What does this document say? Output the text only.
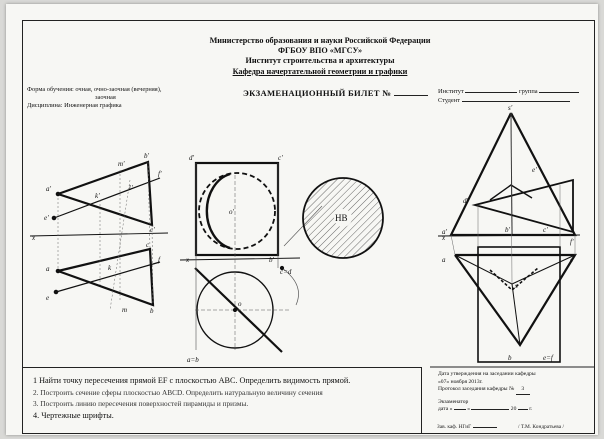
Министерство образования и науки Российской Федерации
ФГБОУ ВПО «МГСУ»
Институт строительства и архитектуры
Кафедра начертательной геометрии и графики
Форма обучения: очная, очно-заочная (вечерняя),
заочная
Дисциплина: Инженерная графика
ЭКЗАМЕНАЦИОННЫЙ БИЛЕТ №	Институт	группа
Студент
a'
b'
c'
e'
f'
k'
1'
m'
a
c
b
e
f
k
m
x
d'	c'
o'
x	b'
c=d
o
a=b
НВ
s'
a'	b'	c'
e'
d'
f'
x
a	c
s
b	e=f
1 Найти точку пересечения прямой EF с плоскостью ABC. Определить видимость прямой.
2. Построить сечение сферы плоскостью ABCD. Определить натуральную величину сечения
3. Построить линию пересечения поверхностей пирамиды и призмы.
4. Чертежные шрифты.
Дата утверждения на заседании кафедры
«07» ноября 2013г.
Протокол заседания кафедры № 3
Экзаменатор
дата «	»	20 г.
Зав. каф. НГиГ	/ Т.М. Кондратьева /
